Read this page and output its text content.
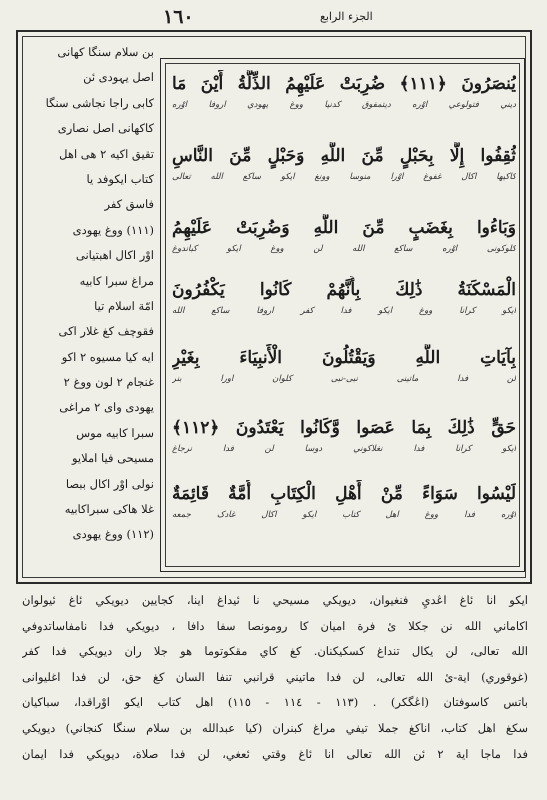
١٦٠	الجزء الرابع
بن سلام سنگا کھانی
اصل یہودی ئن
کابی راجا نجاشی سنگا
کاکھانی اصل نصاری
تقیق اکیه ۲ هی اهل
کتاب ایکوفد یا
فاسق کفر
(١١١) ووغ یهودی
اوْر اکال اهبتیانی
مراغ سبرا کابیه
امّة اسلام تیا
فقوچف کغ غلار اکی
ایه کیا مسیوه ۲ اکو
غنجام ۲ لون ووغ ۲
یهودی وای ۲ مراغی
سبرا کابیه موس
مسیحی فیا املایو
نولی اوْر اکال ببصا
غلا هاکی سبراکابیه
(١١٢) ووغ یهودی
یُنصَرُونَ ﴿١١١﴾ ضُرِبَتْ عَلَیْهِمُ الذِّلَّةُ أَیْنَ مَا
ديني فتولوعي اوْره ديتمفوق كدنيا ووغ يهودي اروفا اوْره
ثُقِفُوا إِلَّا بِحَبْلٍ مِّنَ اللَّهِ وَحَبْلٍ مِّنَ النَّاسِ
کاکیها اکال غفوغ اوْرا منوسا وونغ ایکو ساکع الله تعالی
وَبَاءُوا بِغَضَبٍ مِّنَ اللَّهِ وَضُرِبَتْ عَلَیْهِمُ
کلوکونی اوْره ساکع الله لن ووغ ایکو کباندوغ
الْمَسْكَنَةُ ذَٰلِكَ بِأَنَّهُمْ كَانُوا یَكْفُرُونَ
ایکو كرانا ووغ ایکو فدا كفر اروفا ساكع الله
بِآیَاتِ اللَّهِ وَیَقْتُلُونَ الْأَنبِیَاءَ بِغَیْرِ
لن فدا ماتینی نبی-نبی کلوان اورا بنر
حَقٍّ ذَٰلِكَ بِمَا عَصَوا وَّكَانُوا یَعْتَدُونَ ﴿١١٢﴾
ایکو کرانا فدا نغلاکوني دوسا لن فدا نرجاغ
لَیْسُوا سَوَاءً مِّنْ أَهْلِ الْكِتَابِ أُمَّةٌ قَائِمَةٌ
اوْره فدا ووغ اهل کتاب ایکو اکال غادک جمعه
ایکو انا ئاغ اڠديِ فنغيوان، ديويكي مسيحي نا ئيداغ اينا، كجايين ديويكي ئاغ ئيولوان
اکاماني الله نن جکلا ئ فرة اميان کا رومونصا سفا دافا ، دیويكي فدا نامفاساتدوفي
الله تعالى، لن يکال تنداغ کسکيکنان. کغ کاي مقکوتوما هو جلا ران ديويكي فدا کفر
(غوقوري) اية-ئ الله تعالى، لن فدا ماتيني قرانبي تنفا السان کغ حق، لن فدا اغليوانى
باتس كاسوفتان (اڠگكر) . (١١٣ - ١١٤ - ١١٥) اهل كتاب ايكو اوْراقدا، سباكيان
سكغ اهل كتاب، اناكغ جملا تيفي مراغ كبنران (كيا عبدالله بن سلام سنگا كنجاني) ديويكي
فدا ماجا اية ٢ ئن الله تعالى انا ئاغ وقتي ئعغي، لن فدا صلاة، ديويكي فدا ايمان
